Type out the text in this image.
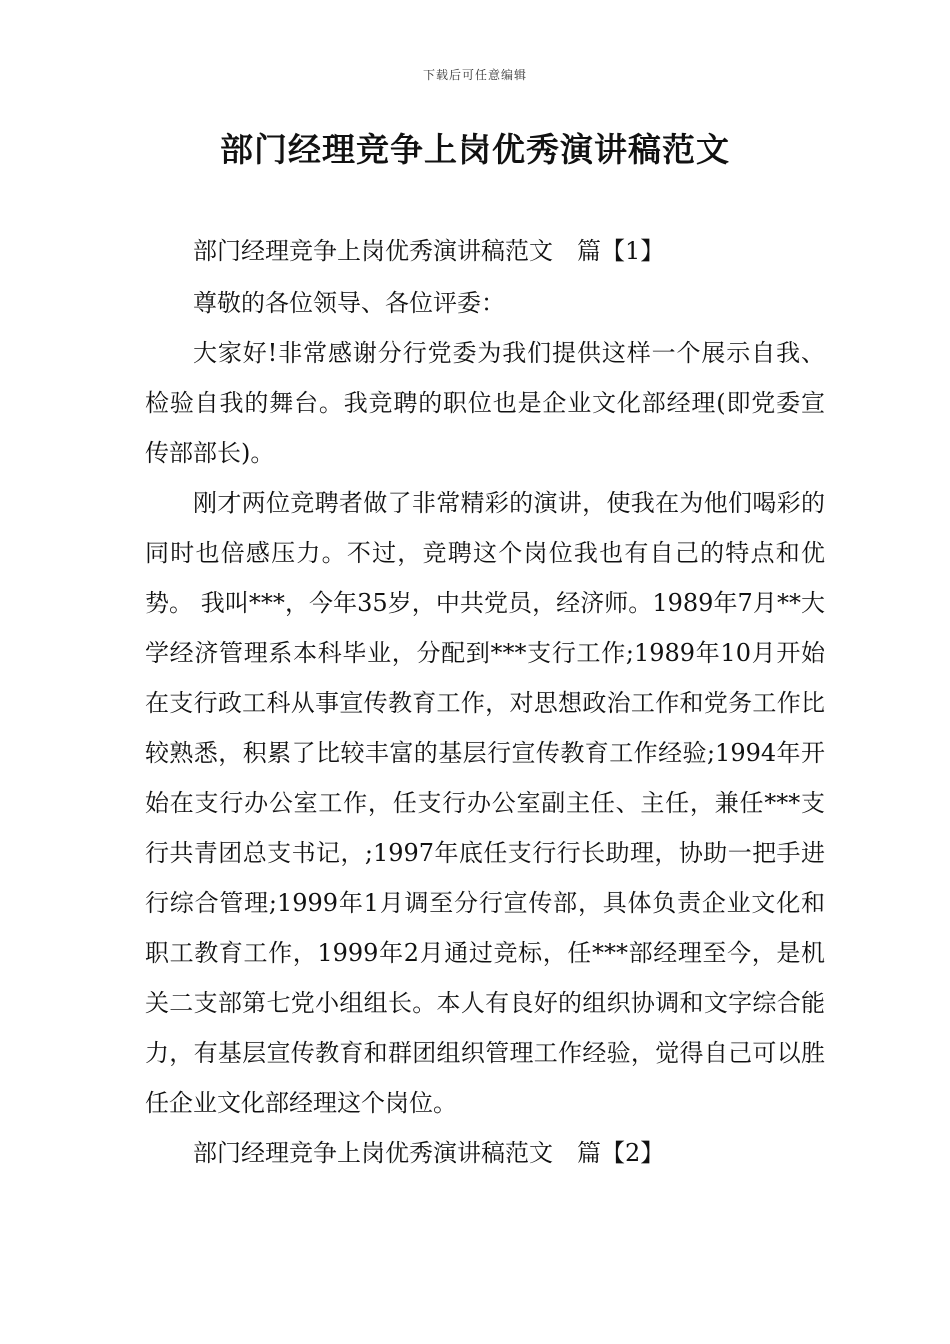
下载后可任意编辑
部门经理竞争上岗优秀演讲稿范文

部门经理竞争上岗优秀演讲稿范文　篇【1】

尊敬的各位领导、各位评委：

大家好!非常感谢分行党委为我们提供这样一个展示自我、检验自我的舞台。我竞聘的职位也是企业文化部经理(即党委宣传部部长)。

刚才两位竞聘者做了非常精彩的演讲，使我在为他们喝彩的同时也倍感压力。不过，竞聘这个岗位我也有自己的特点和优势。 我叫***，今年35岁，中共党员，经济师。1989年7月**大学经济管理系本科毕业，分配到***支行工作;1989年10月开始在支行政工科从事宣传教育工作，对思想政治工作和党务工作比较熟悉，积累了比较丰富的基层行宣传教育工作经验;1994年开始在支行办公室工作，任支行办公室副主任、主任，兼任***支行共青团总支书记，;1997年底任支行行长助理，协助一把手进行综合管理;1999年1月调至分行宣传部，具体负责企业文化和职工教育工作，1999年2月通过竞标，任***部经理至今，是机关二支部第七党小组组长。本人有良好的组织协调和文字综合能力，有基层宣传教育和群团组织管理工作经验，觉得自己可以胜任企业文化部经理这个岗位。

部门经理竞争上岗优秀演讲稿范文　篇【2】
